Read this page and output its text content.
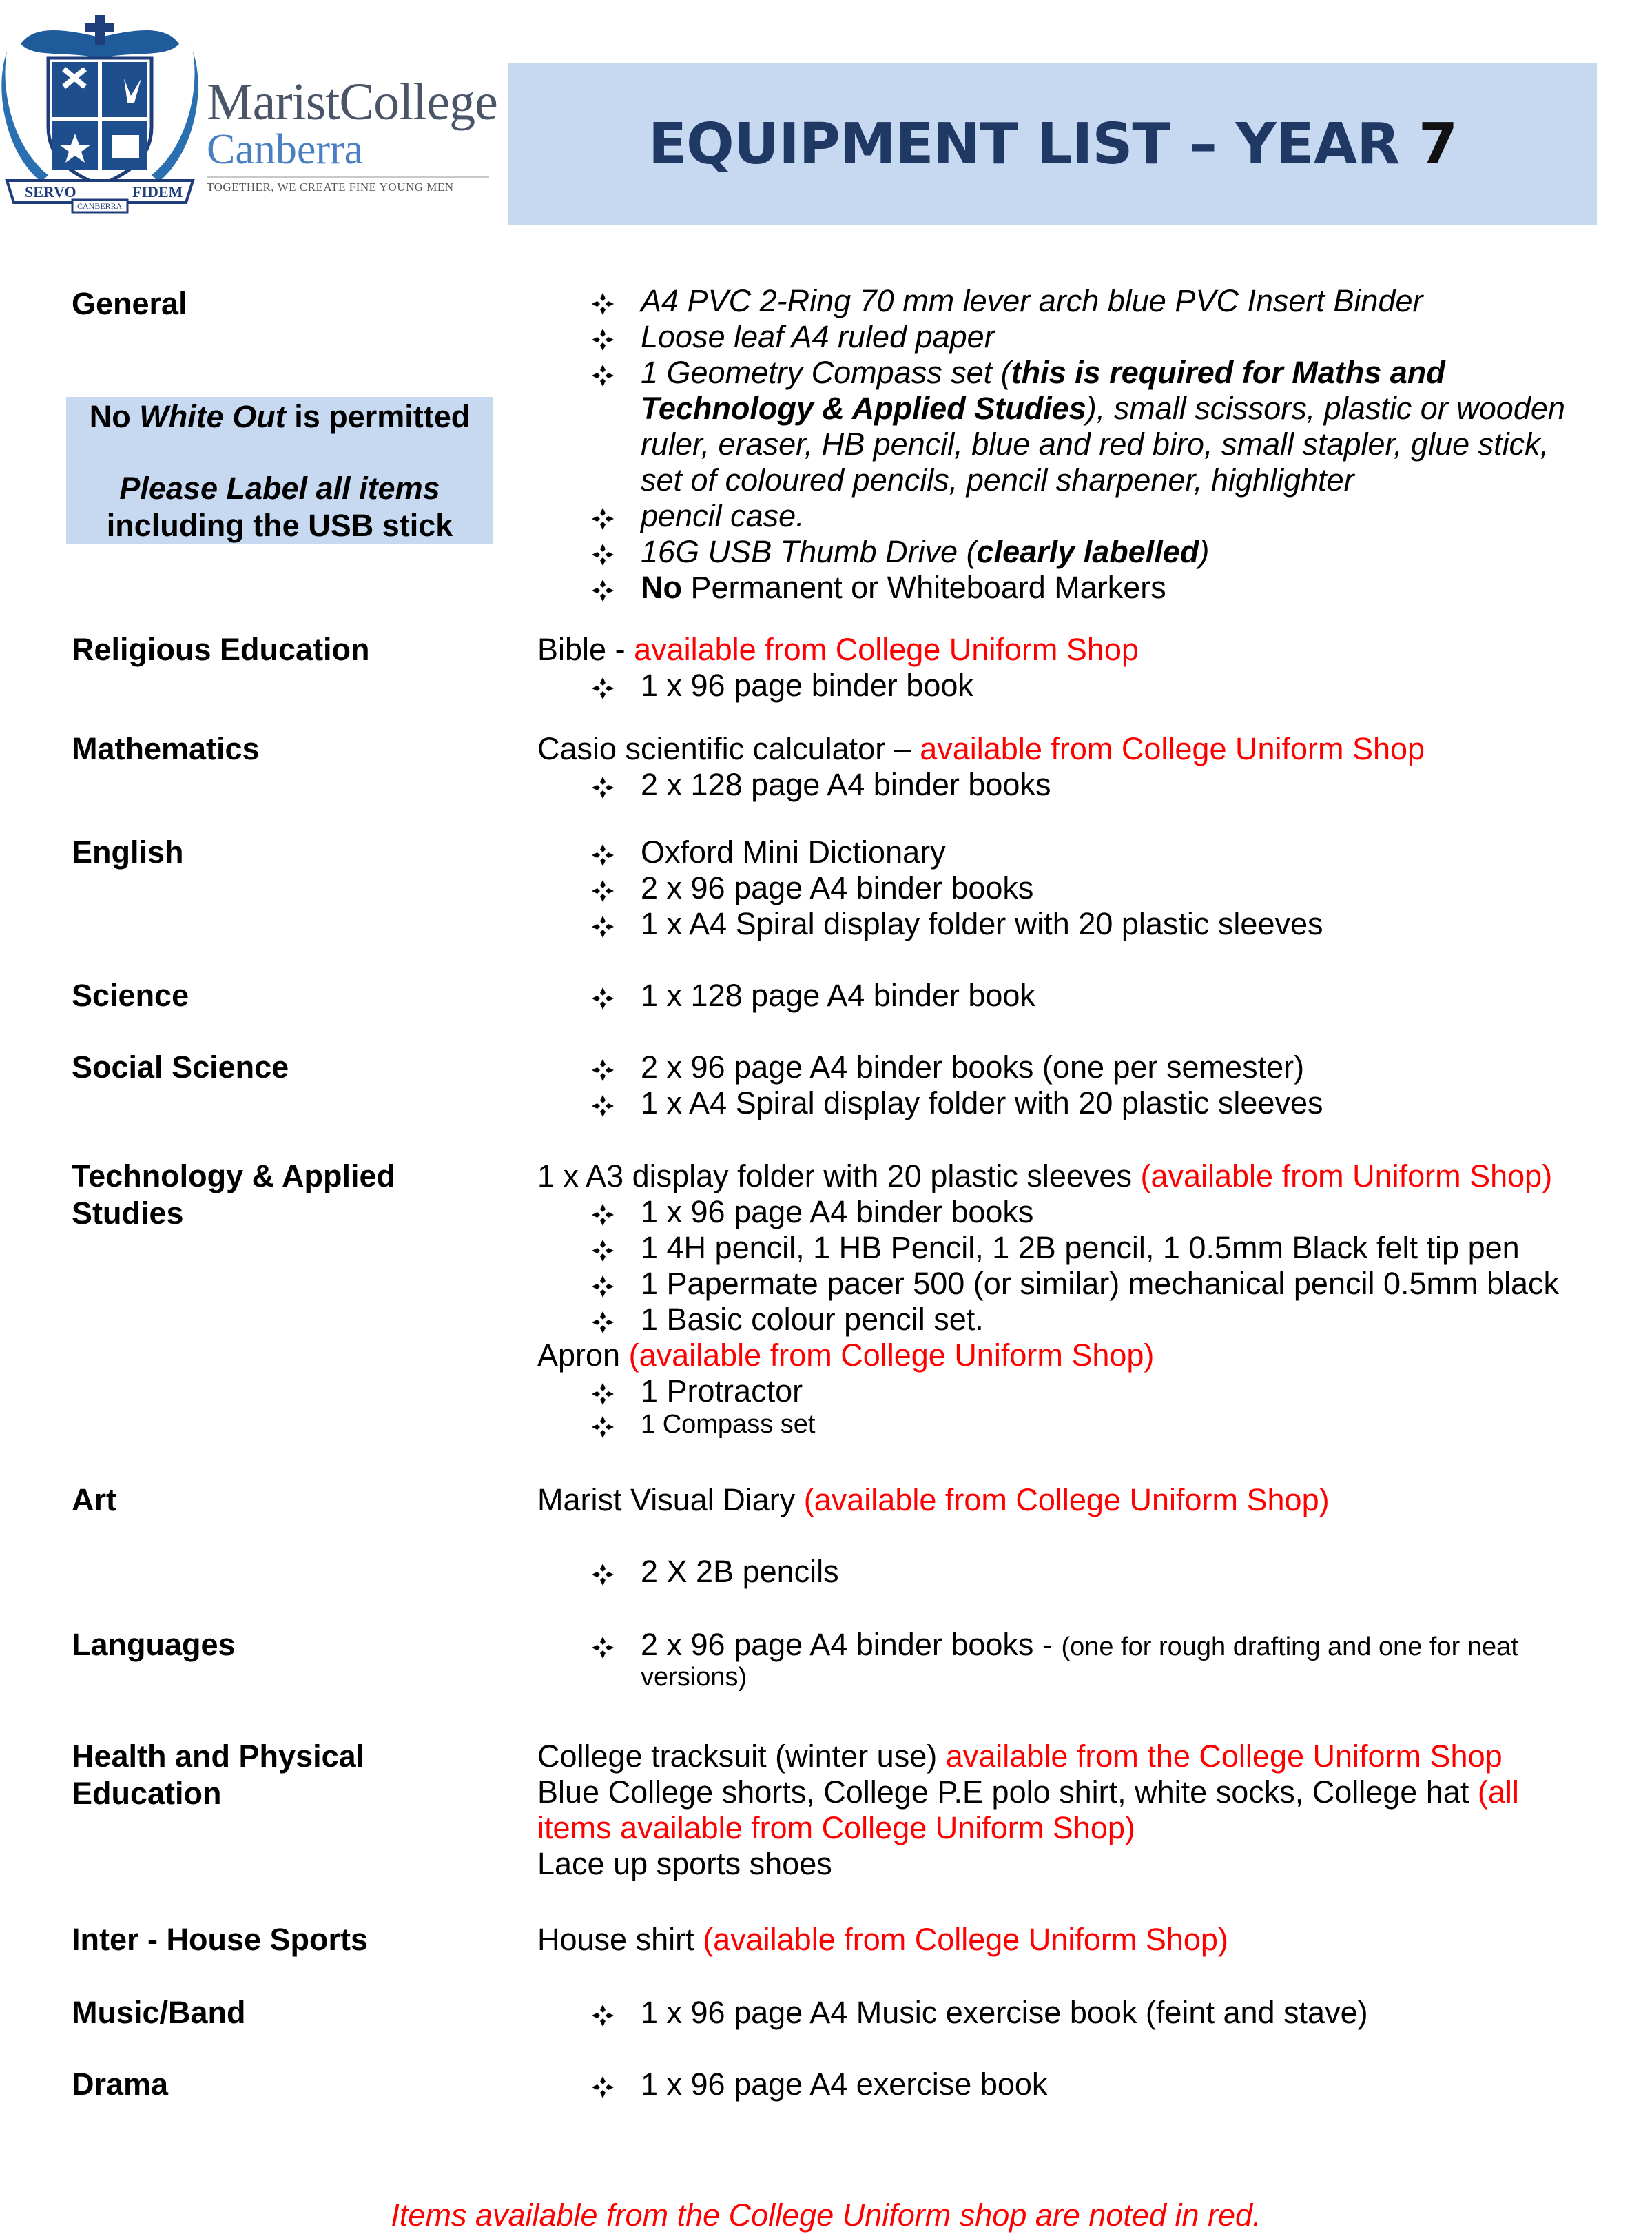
SERVO	FIDEM
CANBERRA
MaristCollege
Canberra
TOGETHER, WE CREATE FINE YOUNG MEN
EQUIPMENT LIST – YEAR 7
General
No White Out is permitted
Please Label all items
including the USB stick
A4 PVC 2-Ring 70 mm lever arch blue PVC Insert Binder
Loose leaf A4 ruled paper
1 Geometry Compass set (this is required for Maths and
Technology & Applied Studies), small scissors, plastic or wooden
ruler, eraser, HB pencil, blue and red biro, small stapler, glue stick,
set of coloured pencils, pencil sharpener, highlighter
pencil case.
16G USB Thumb Drive (clearly labelled)
No Permanent or Whiteboard Markers
Religious Education	Bible - available from College Uniform Shop
1 x 96 page binder book
Mathematics	Casio scientific calculator – available from College Uniform Shop
2 x 128 page A4 binder books
English	Oxford Mini Dictionary
2 x 96 page A4 binder books
1 x A4 Spiral display folder with 20 plastic sleeves
Science	1 x 128 page A4 binder book
Social Science	2 x 96 page A4 binder books (one per semester)
1 x A4 Spiral display folder with 20 plastic sleeves
Technology & Applied
Studies
1 x A3 display folder with 20 plastic sleeves (available from Uniform Shop)
1 x 96 page A4 binder books
1 4H pencil, 1 HB Pencil, 1 2B pencil, 1 0.5mm Black felt tip pen
1 Papermate pacer 500 (or similar) mechanical pencil 0.5mm black
1 Basic colour pencil set.
Apron (available from College Uniform Shop)
1 Protractor
1 Compass set
Art	Marist Visual Diary (available from College Uniform Shop)
2 X 2B pencils
Languages	2 x 96 page A4 binder books - (one for rough drafting and one for neat
versions)
Health and Physical
Education
College tracksuit (winter use) available from the College Uniform Shop
Blue College shorts, College P.E polo shirt, white socks, College hat (all
items available from College Uniform Shop)
Lace up sports shoes
Inter - House Sports	House shirt (available from College Uniform Shop)
Music/Band	1 x 96 page A4 Music exercise book (feint and stave)
Drama	1 x 96 page A4 exercise book
Items available from the College Uniform shop are noted in red.
